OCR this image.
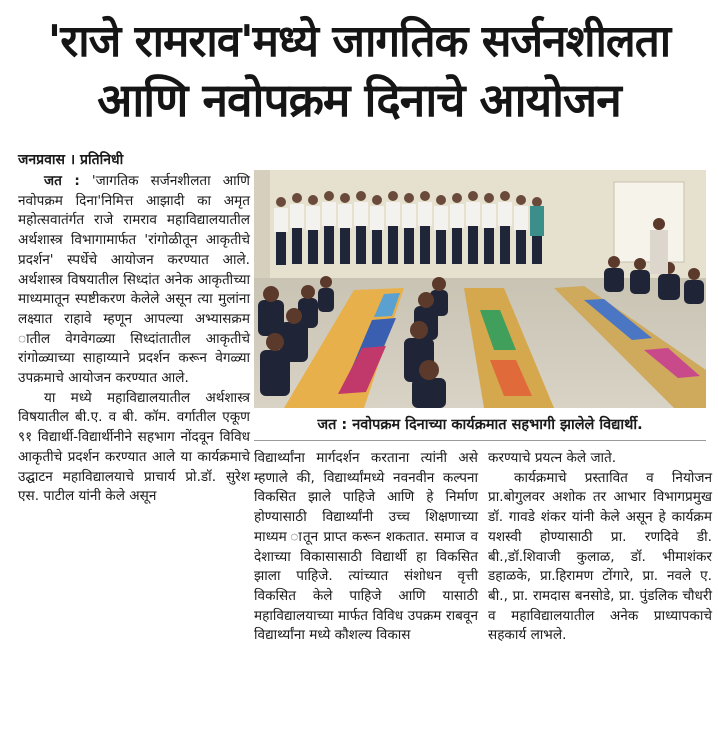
'राजे रामराव'मध्ये जागतिक सर्जनशीलता
आणि नवोपक्रम दिनाचे आयोजन
जनप्रवास । प्रतिनिधी

जत : 'जागतिक सर्जनशीलता आणि नवोपक्रम दिना'निमित्त आझादी का अमृत महोत्सवातंर्गत राजे रामराव महाविद्यालयातील अर्थशास्त्र विभागामार्फत 'रांगोळीतून आकृतीचे प्रदर्शन' स्पर्धेचे आयोजन करण्यात आले. अर्थशास्त्र विषयातील सिध्दांत अनेक आकृतीच्या माध्यमातून स्पष्टीकरण केलेले असून त्या मुलांना लक्ष्यात राहावे म्हणून आपल्या अभ्यासक्रम ातील वेगवेगळ्या सिध्दांतातील आकृतीचे रांगोळ्याच्या साहाय्याने प्रदर्शन करून वेगळ्या उपक्रमाचे आयोजन करण्यात आले.

या मध्ये महाविद्यालयातील अर्थशास्त्र विषयातील बी.ए. व बी. कॉम. वर्गातील एकूण ९१ विद्यार्थी-विद्यार्थीनीने सहभाग नोंदवून विविध आकृतीचे प्रदर्शन करण्यात आले या कार्यक्रमाचे उद्घाटन महाविद्यालयाचे प्राचार्य प्रो.डॉ. सुरेश एस. पाटील यांनी केले असून

जत : नवोपक्रम दिनाच्या कार्यक्रमात सहभागी झालेले विद्यार्थी.

विद्यार्थ्यांना मार्गदर्शन करताना त्यांनी असे म्हणाले की, विद्यार्थ्यांमध्ये नवनवीन कल्पना विकसित झाले पाहिजे आणि हे निर्माण होण्यासाठी विद्यार्थ्यांनी उच्च शिक्षणाच्या माध्यम ातून प्राप्त करून शकतात. समाज व देशाच्या विकासासाठी विद्यार्थी हा विकसित झाला पाहिजे. त्यांच्यात संशोधन वृत्ती विकसित केले पाहिजे आणि यासाठी महाविद्यालयाच्या मार्फत विविध उपक्रम राबवून विद्यार्थ्यांना मध्ये कौशल्य विकास

करण्याचे प्रयत्न केले जाते.

कार्यक्रमाचे प्रस्तावित व नियोजन प्रा.बोगुलवर अशोक तर आभार विभागप्रमुख डॉ. गावडे शंकर यांनी केले असून हे कार्यक्रम यशस्वी होण्यासाठी प्रा. रणदिवे डी. बी.,डॉ.शिवाजी कुलाळ, डॉ. भीमाशंकर डहाळके, प्रा.हिरामण टोंगारे, प्रा. नवले ए. बी., प्रा. रामदास बनसोडे, प्रा. पुंडलिक चौधरी व महाविद्यालयातील अनेक प्राध्यापकाचे सहकार्य लाभले.
